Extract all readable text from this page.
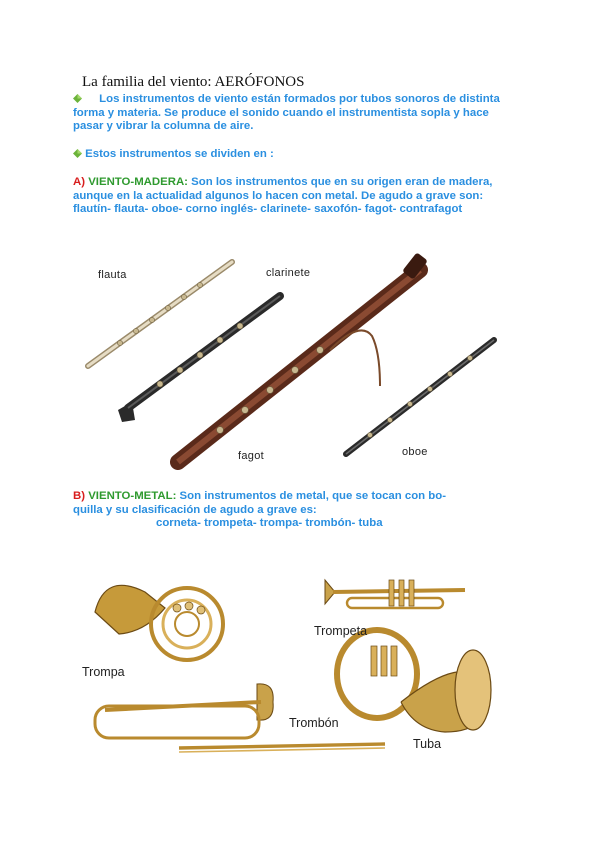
La familia del viento: AERÓFONOS
Los instrumentos de viento están formados por tubos sonoros de distinta
forma y materia. Se produce el sonido cuando el instrumentista sopla y hace
pasar y vibrar la columna de aire.
Estos instrumentos se dividen en :
A) VIENTO-MADERA: Son los instrumentos que en su origen eran de madera,
aunque en la actualidad algunos lo hacen con metal. De agudo a grave son:
flautín- flauta- oboe- corno inglés- clarinete- saxofón- fagot- contrafagot
flauta	clarinete
fagot	oboe
B) VIENTO-METAL: Son instrumentos de metal, que se tocan con bo-
quilla y su clasificación de agudo a grave es:
corneta- trompeta- trompa- trombón- tuba
Trompa
Trompeta
Trombón
Tuba
